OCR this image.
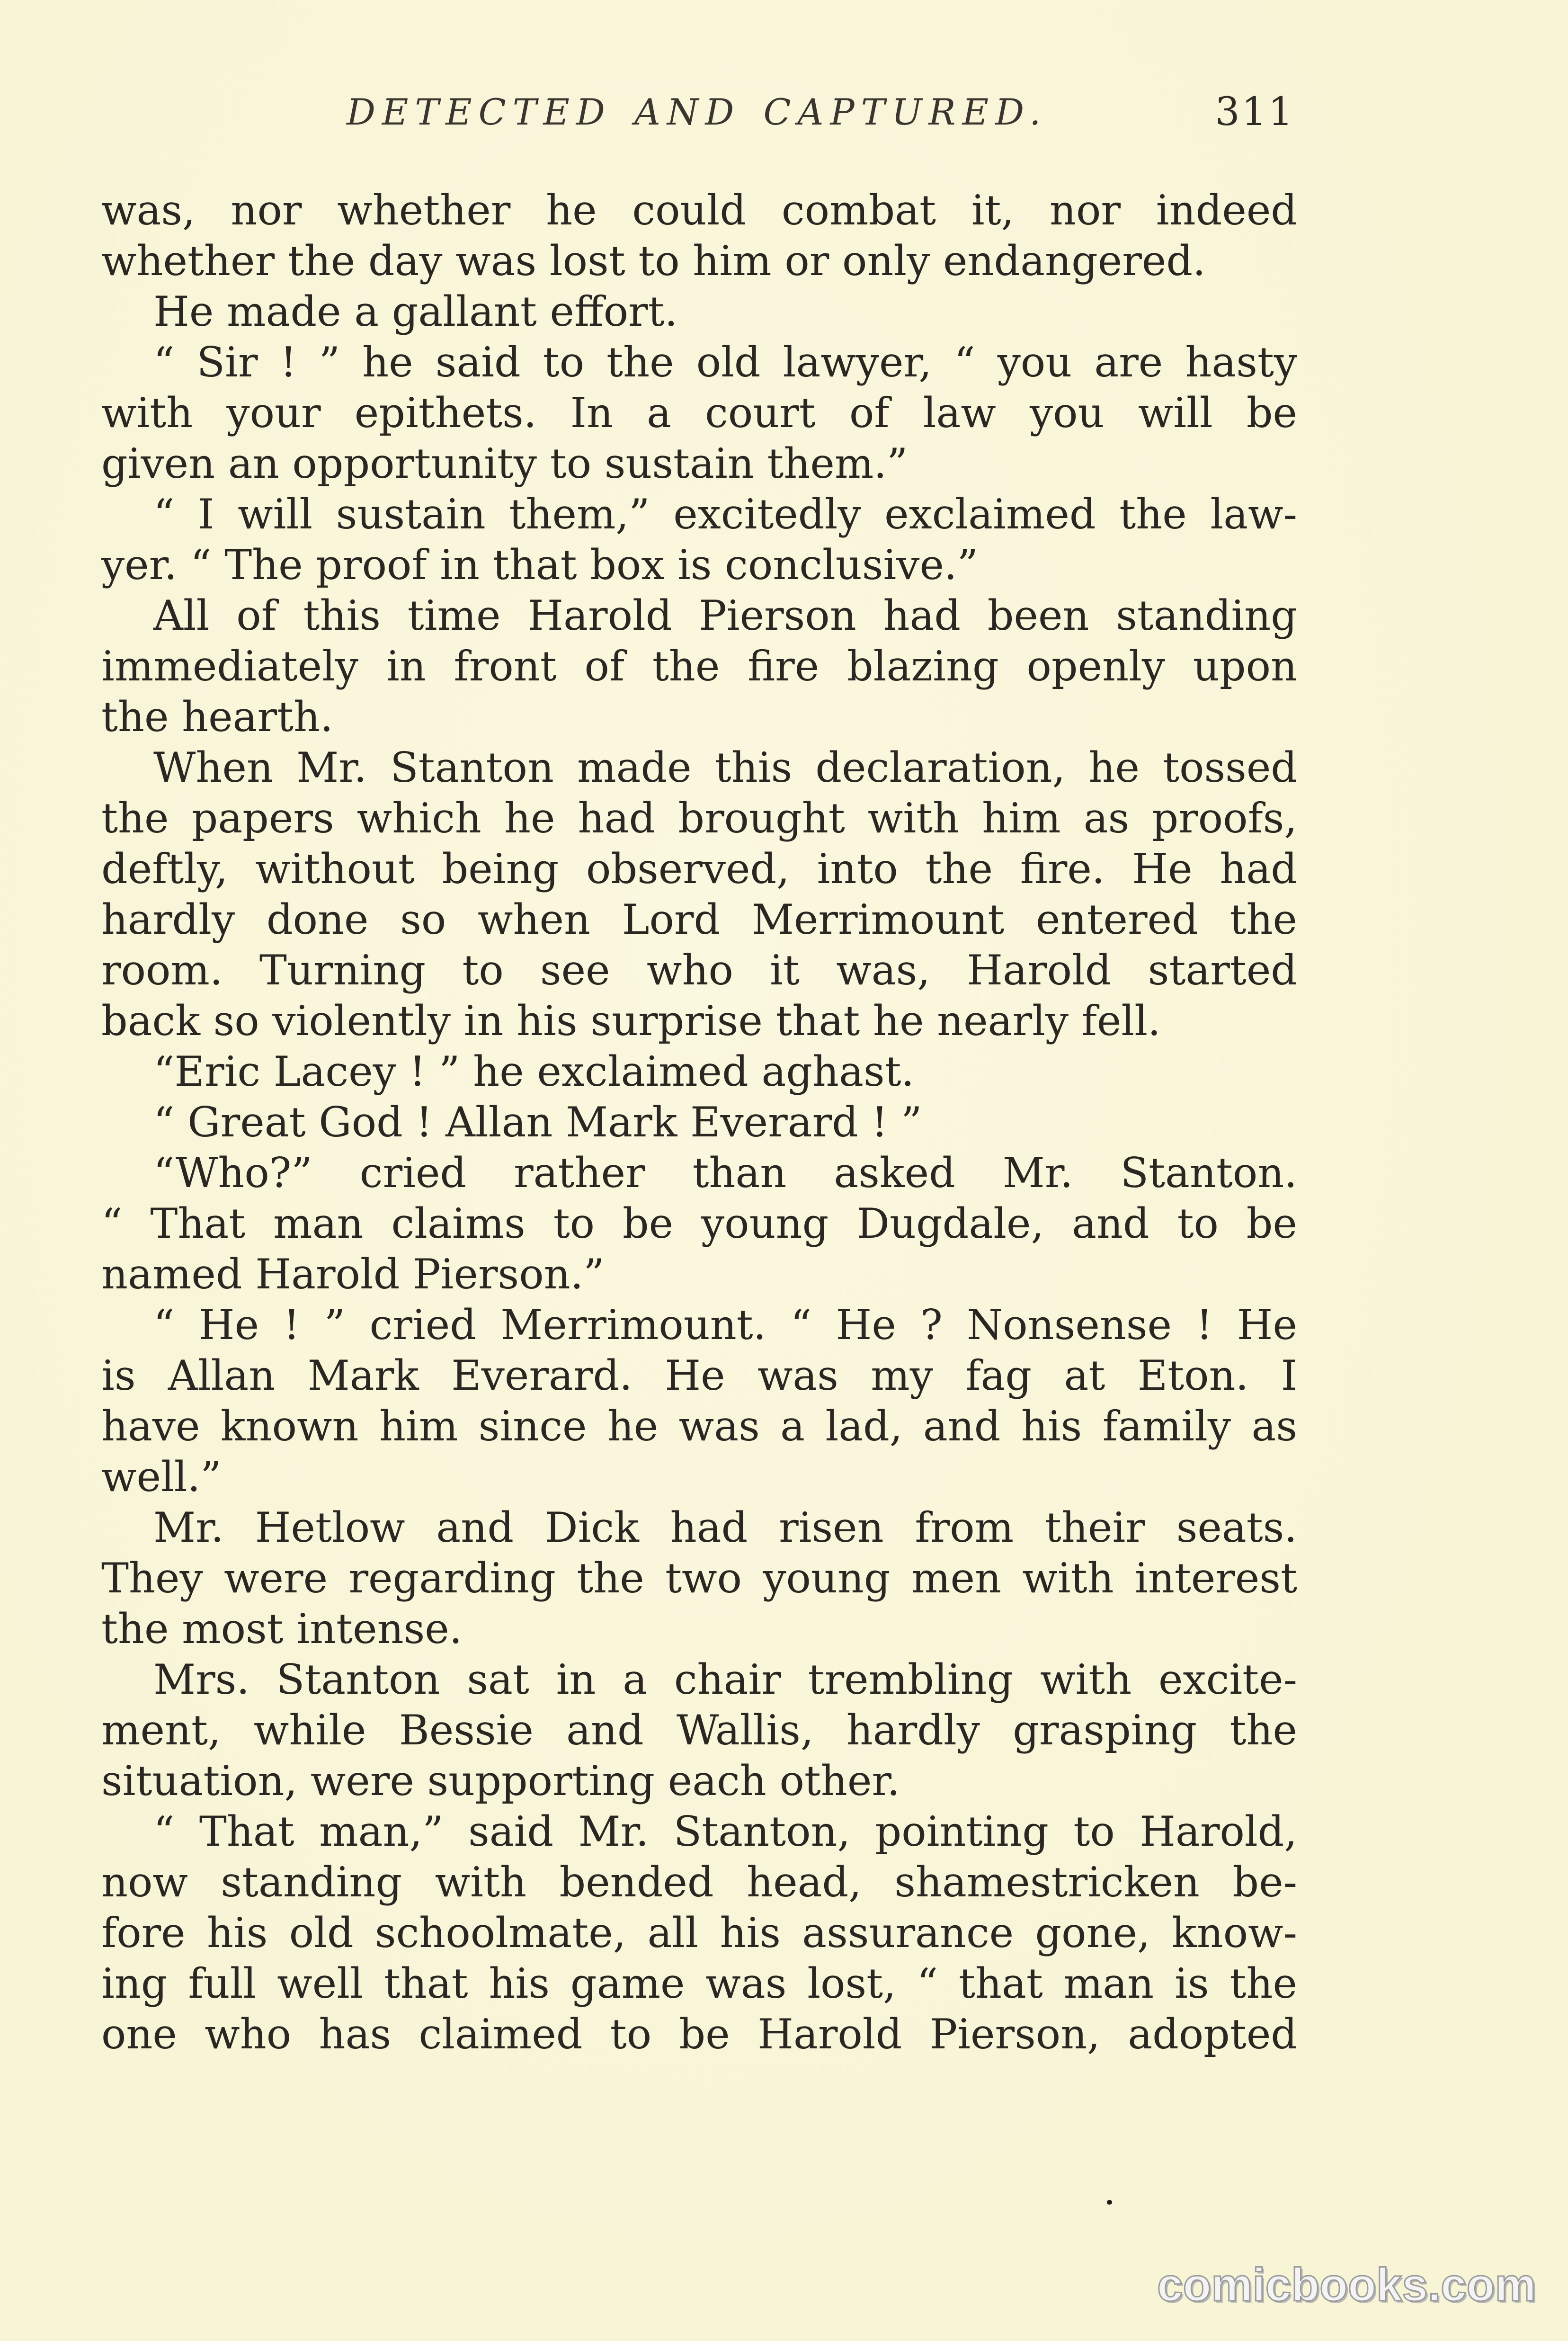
DETECTED AND CAPTURED.	311
was, nor whether he could combat it, nor indeed
whether the day was lost to him or only endangered.
He made a gallant effort.
“ Sir ! ” he said to the old lawyer, “ you are hasty
with your epithets. In a court of law you will be
given an opportunity to sustain them.”
“ I will sustain them,” excitedly exclaimed the law-
yer. “ The proof in that box is conclusive.”
All of this time Harold Pierson had been standing
immediately in front of the fire blazing openly upon
the hearth.
When Mr. Stanton made this declaration, he tossed
the papers which he had brought with him as proofs,
deftly, without being observed, into the fire. He had
hardly done so when Lord Merrimount entered the
room. Turning to see who it was, Harold started
back so violently in his surprise that he nearly fell.
“Eric Lacey ! ” he exclaimed aghast.
“ Great God ! Allan Mark Everard ! ”
“Who?” cried rather than asked Mr. Stanton.
“ That man claims to be young Dugdale, and to be
named Harold Pierson.”
“ He ! ” cried Merrimount. “ He ? Nonsense ! He
is Allan Mark Everard. He was my fag at Eton. I
have known him since he was a lad, and his family as
well.”
Mr. Hetlow and Dick had risen from their seats.
They were regarding the two young men with interest
the most intense.
Mrs. Stanton sat in a chair trembling with excite-
ment, while Bessie and Wallis, hardly grasping the
situation, were supporting each other.
“ That man,” said Mr. Stanton, pointing to Harold,
now standing with bended head, shamestricken be-
fore his old schoolmate, all his assurance gone, know-
ing full well that his game was lost, “ that man is the
one who has claimed to be Harold Pierson, adopted
comicbooks.com
